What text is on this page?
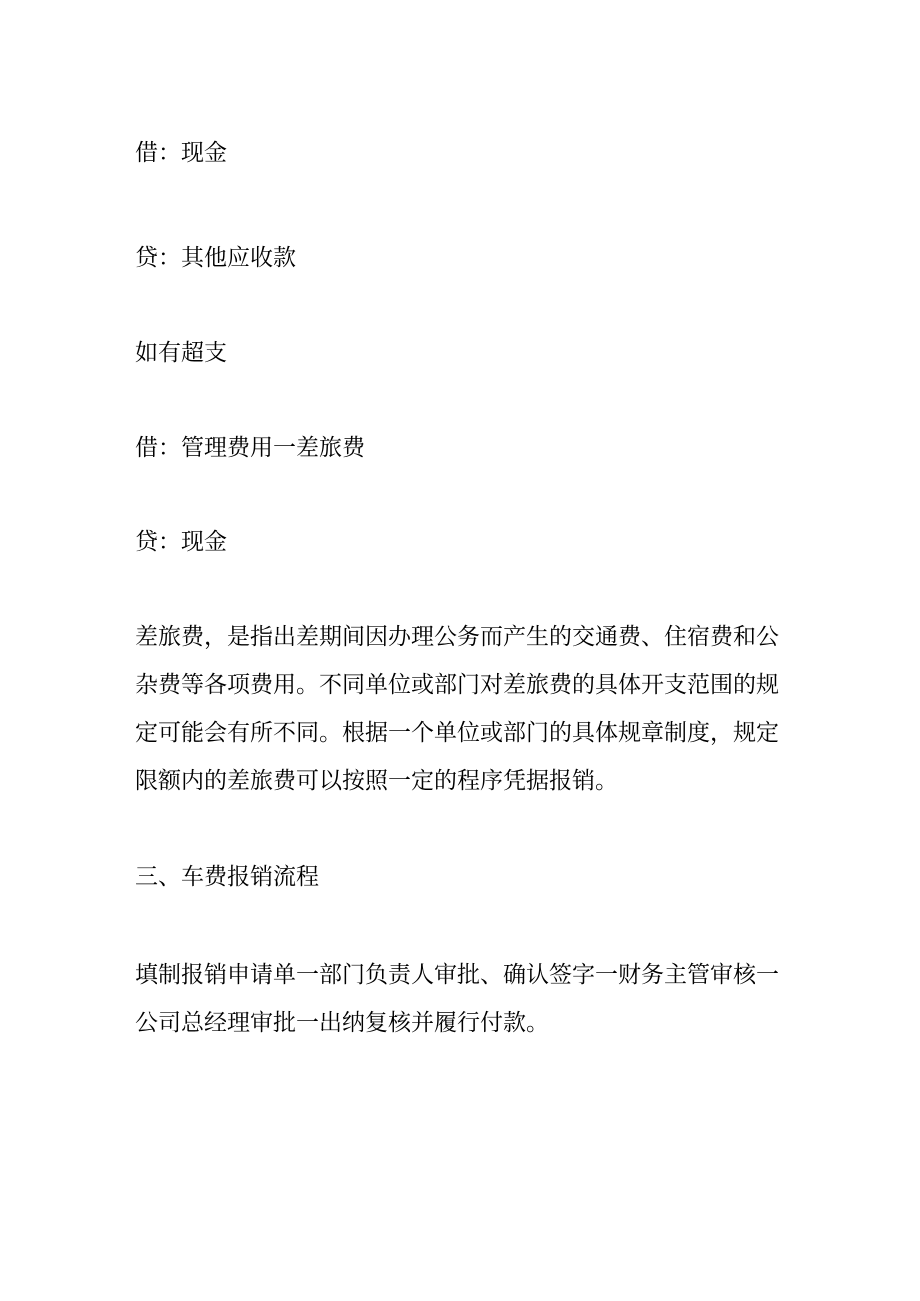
借：现金

贷：其他应收款

如有超支

借：管理费用一差旅费

贷：现金

差旅费，是指出差期间因办理公务而产生的交通费、住宿费和公
杂费等各项费用。不同单位或部门对差旅费的具体开支范围的规
定可能会有所不同。根据一个单位或部门的具体规章制度，规定
限额内的差旅费可以按照一定的程序凭据报销。

三、车费报销流程

填制报销申请单一部门负责人审批、确认签字一财务主管审核一
公司总经理审批一出纳复核并履行付款。
